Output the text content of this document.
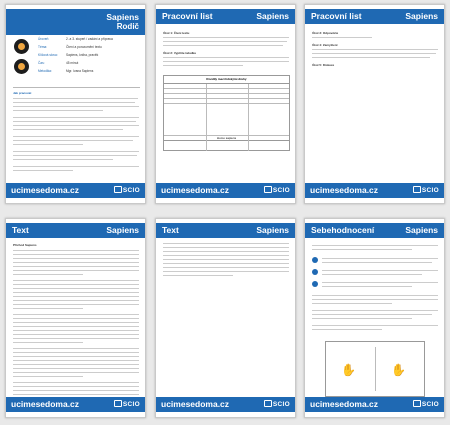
Sapiens
Rodič
Úroveň:	2. a 3. stupeň / zadání a příprava
Téma:	Čtení a porozumění textu
Klíčová slova:	Sapiens, kniha, pravěk
Čas:	45 minut
Metodika:	Mgr. Ivana Sapiens
Jak pracovat
ucimesedoma.cz	SCIO
Pracovní list	Sapiens
Úkol 1: Čtení textu
Úkol 2: Vyplňte tabulku
Rozdíly mezi lidskými druhy
Homo sapiens
ucimesedoma.cz	SCIO
Pracovní list	Sapiens
Úkol 3: Odpovězte
Úkol 4: Zamyšlení
Úkol 5: Diskuze
ucimesedoma.cz	SCIO
Text	Sapiens
Příchod Sapiens
ucimesedoma.cz	SCIO
Text	Sapiens
ucimesedoma.cz	SCIO
Sebehodnocení	Sapiens
✋	✋
ucimesedoma.cz	SCIO
